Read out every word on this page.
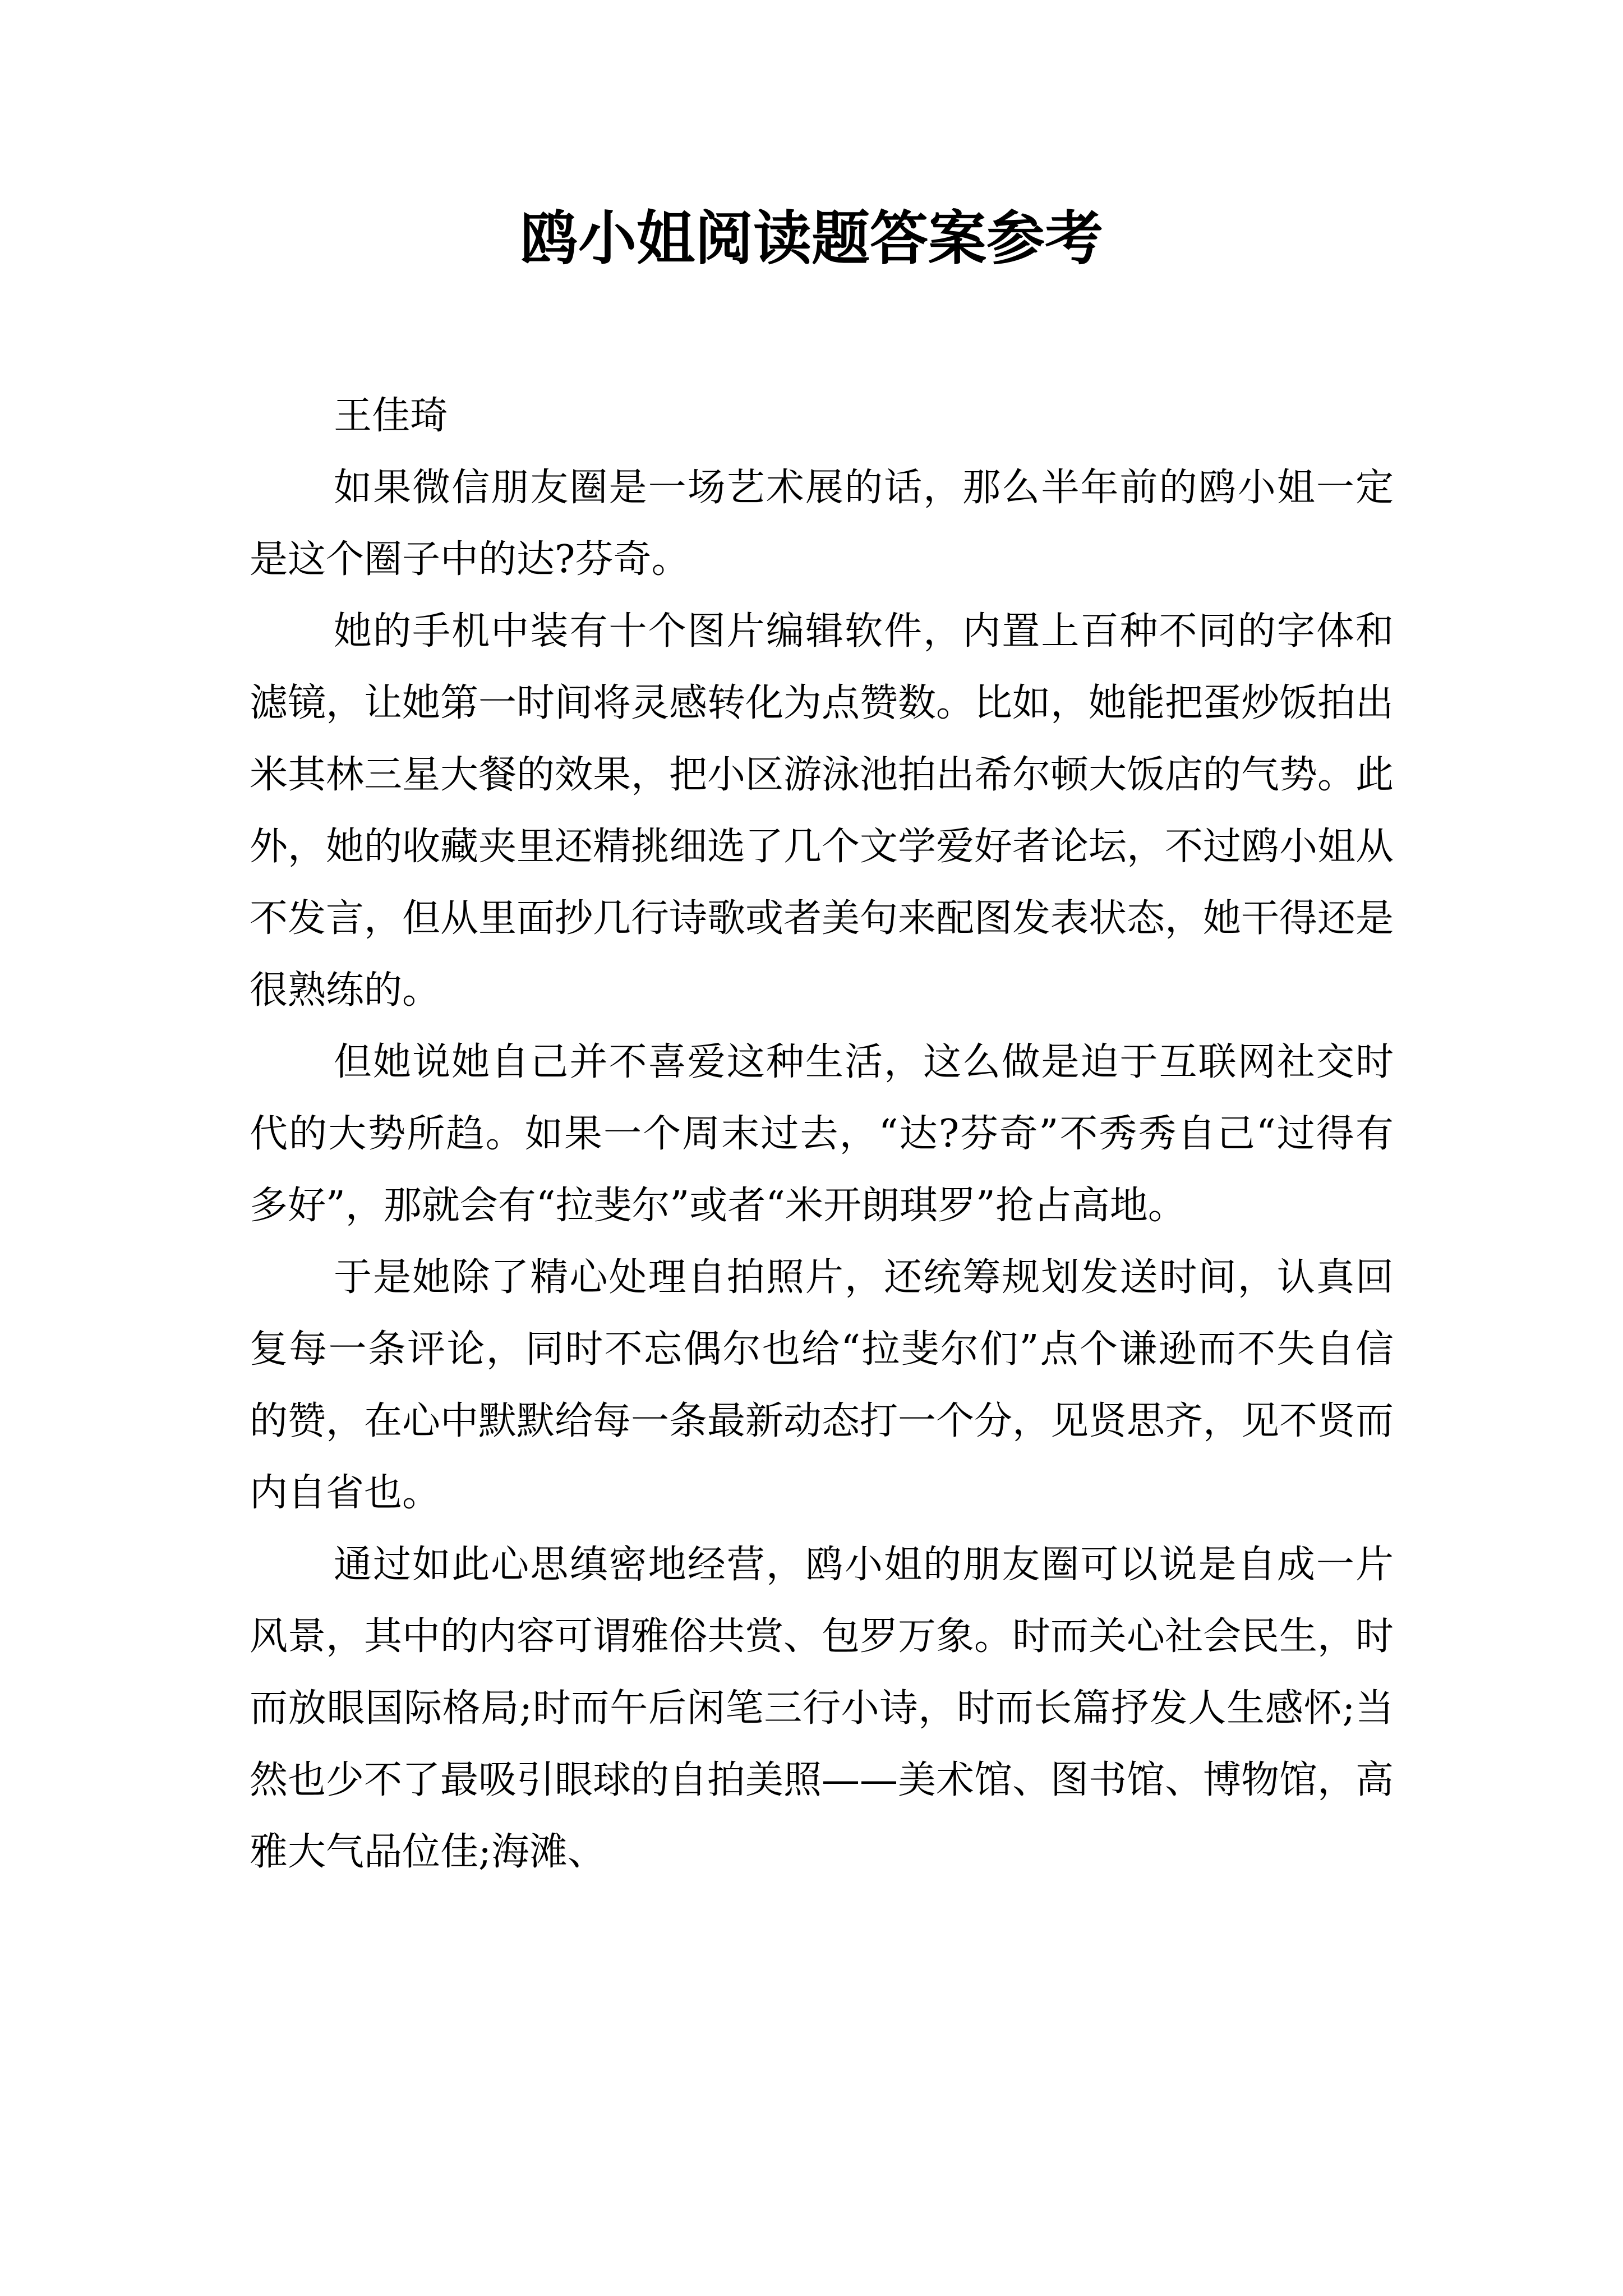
鸥小姐阅读题答案参考

王佳琦

如果微信朋友圈是一场艺术展的话，那么半年前的鸥小姐一定是这个圈子中的达?芬奇。

她的手机中装有十个图片编辑软件，内置上百种不同的字体和滤镜，让她第一时间将灵感转化为点赞数。比如，她能把蛋炒饭拍出米其林三星大餐的效果，把小区游泳池拍出希尔顿大饭店的气势。此外，她的收藏夹里还精挑细选了几个文学爱好者论坛，不过鸥小姐从不发言，但从里面抄几行诗歌或者美句来配图发表状态，她干得还是很熟练的。

但她说她自己并不喜爱这种生活，这么做是迫于互联网社交时代的大势所趋。如果一个周末过去，“达?芬奇”不秀秀自己“过得有多好”，那就会有“拉斐尔”或者“米开朗琪罗”抢占高地。

于是她除了精心处理自拍照片，还统筹规划发送时间，认真回复每一条评论，同时不忘偶尔也给“拉斐尔们”点个谦逊而不失自信的赞，在心中默默给每一条最新动态打一个分，见贤思齐，见不贤而内自省也。

通过如此心思缜密地经营，鸥小姐的朋友圈可以说是自成一片风景，其中的内容可谓雅俗共赏、包罗万象。时而关心社会民生，时而放眼国际格局;时而午后闲笔三行小诗，时而长篇抒发人生感怀;当然也少不了最吸引眼球的自拍美照——美术馆、图书馆、博物馆，高雅大气品位佳;海滩、
